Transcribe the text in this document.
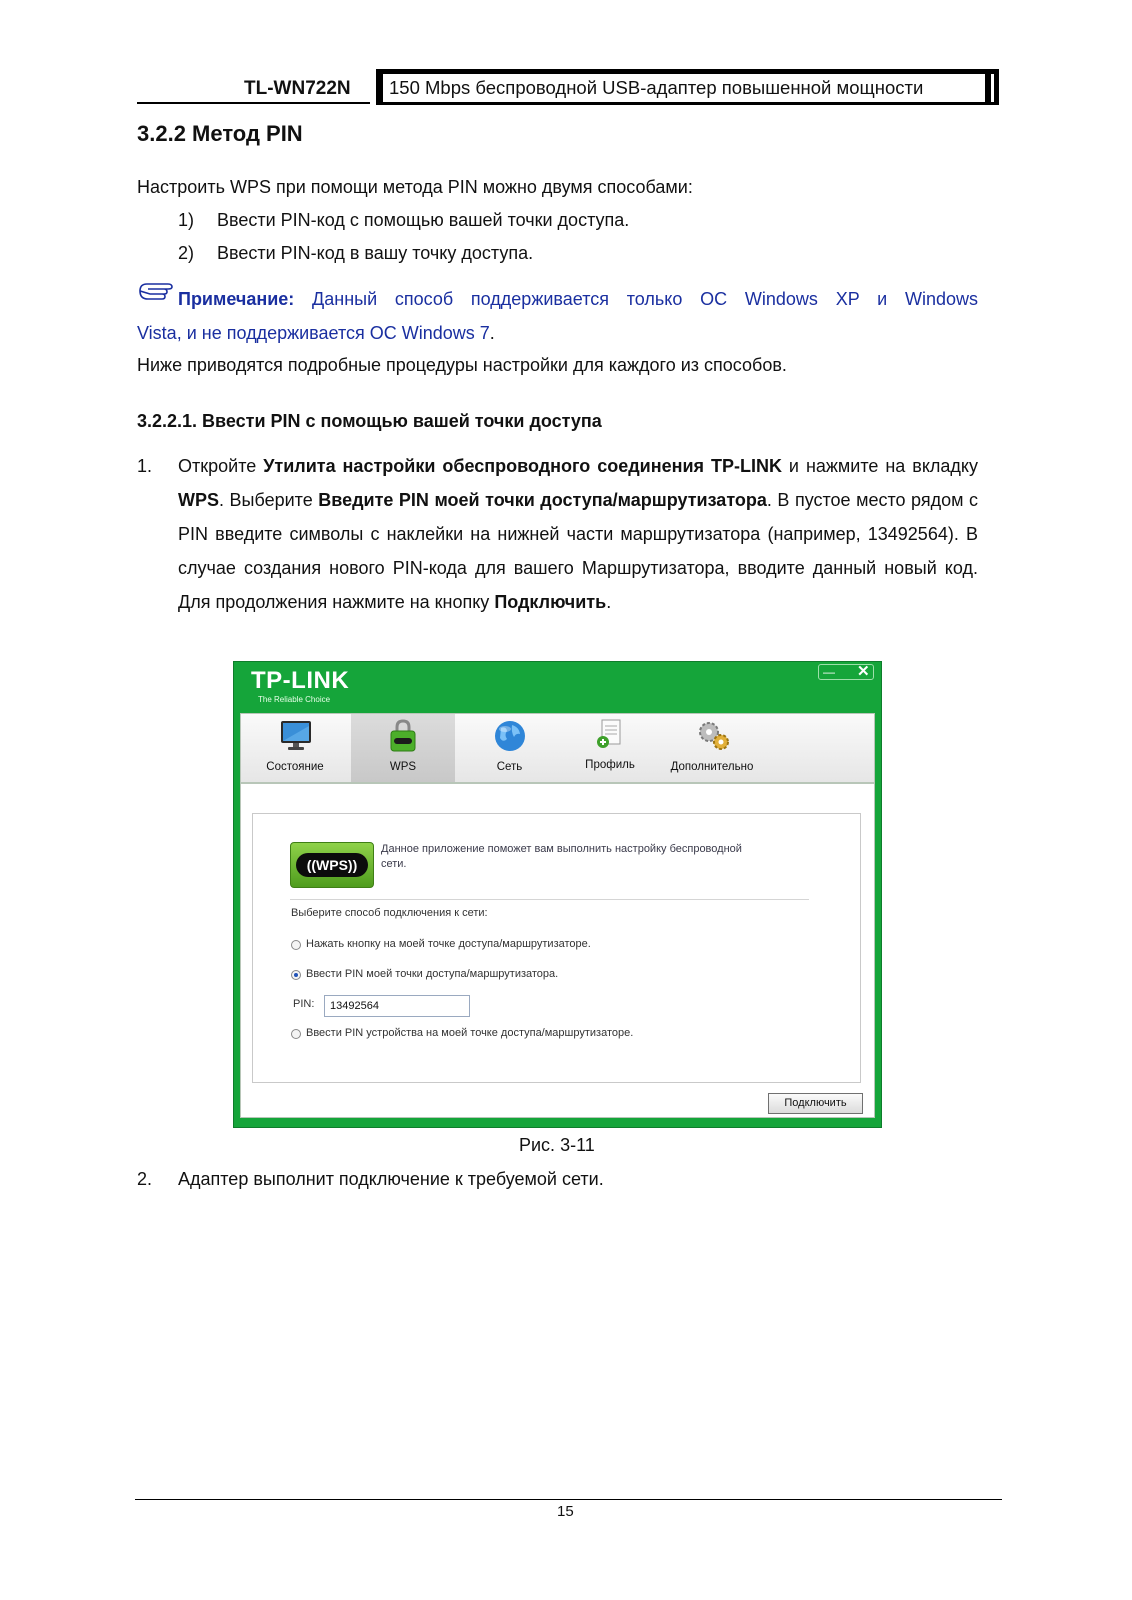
TL-WN722N	150 Mbps беспроводной USB-адаптер повышенной мощности
3.2.2 Метод PIN
Настроить WPS при помощи метода PIN можно двумя способами:
1) Ввести PIN-код с помощью вашей точки доступа.
2) Ввести PIN-код в вашу точку доступа.
Примечание: Данный способ поддерживается только ОС Windows XP и Windows
Vista, и не поддерживается ОС Windows 7.
Ниже приводятся подробные процедуры настройки для каждого из способов.
3.2.2.1. Ввести PIN с помощью вашей точки доступа
1. Откройте Утилита настройки обеспроводного соединения TP-LINK и нажмите на вкладку WPS. Выберите Введите PIN моей точки доступа/маршрутизатора. В пустое место рядом с PIN введите символы с наклейки на нижней части маршрутизатора (например, 13492564). В случае создания нового PIN-кода для вашего Маршрутизатора, вводите данный новый код. Для продолжения нажмите на кнопку Подключить.
TP-LINK
The Reliable Choice
— ✕
Состояние	WPS	Сеть	Профиль	Дополнительно
((WPS))
Данное приложение поможет вам выполнить настройку беспроводной
сети.
Выберите способ подключения к сети:
Нажать кнопку на моей точке доступа/маршрутизаторе.
Ввести PIN моей точки доступа/маршрутизатора.
PIN:	13492564
Ввести PIN устройства на моей точке доступа/маршрутизаторе.
Подключить
Рис. 3-11
2. Адаптер выполнит подключение к требуемой сети.
15
